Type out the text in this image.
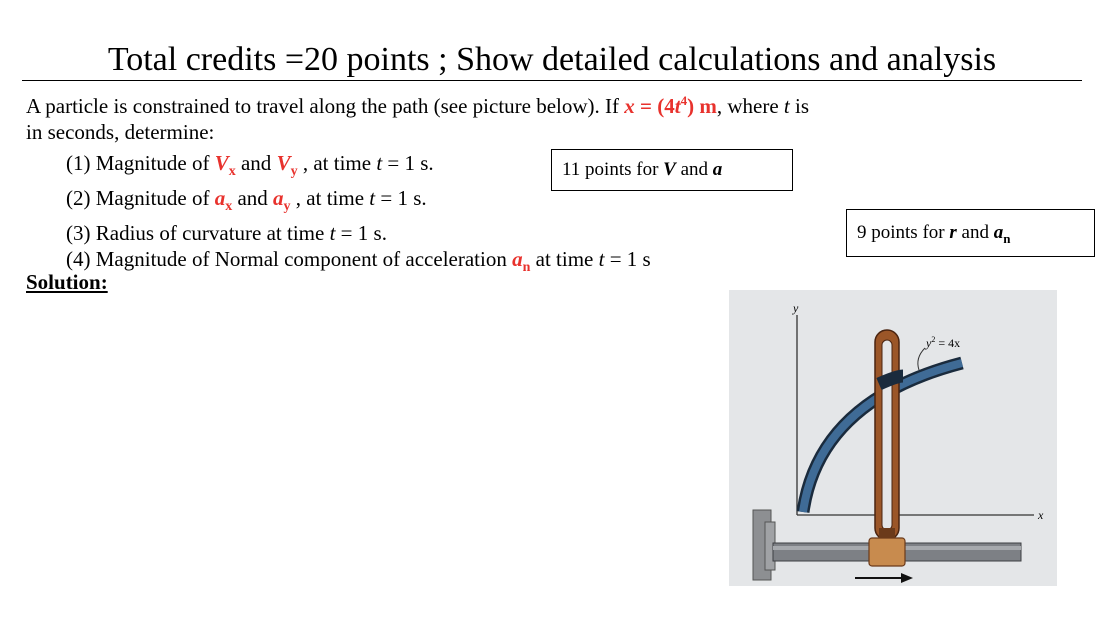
Total credits =20 points ; Show detailed calculations and analysis
A particle is constrained to travel along the path (see picture below). If $x = (4t^4)$ m, where t is
in seconds, determine:
(1) Magnitude of $V_x$ and $V_y$ , at time t = 1 s.
(2) Magnitude of $a_x$ and $a_y$ , at time t = 1 s.
(3) Radius of curvature at time t = 1 s.
(4) Magnitude of Normal component of acceleration $a_n$ at time t = 1 s
11 points for V and a
9 points for r and $a_n$
Solution:
y
x
$y^2 = 4x$
